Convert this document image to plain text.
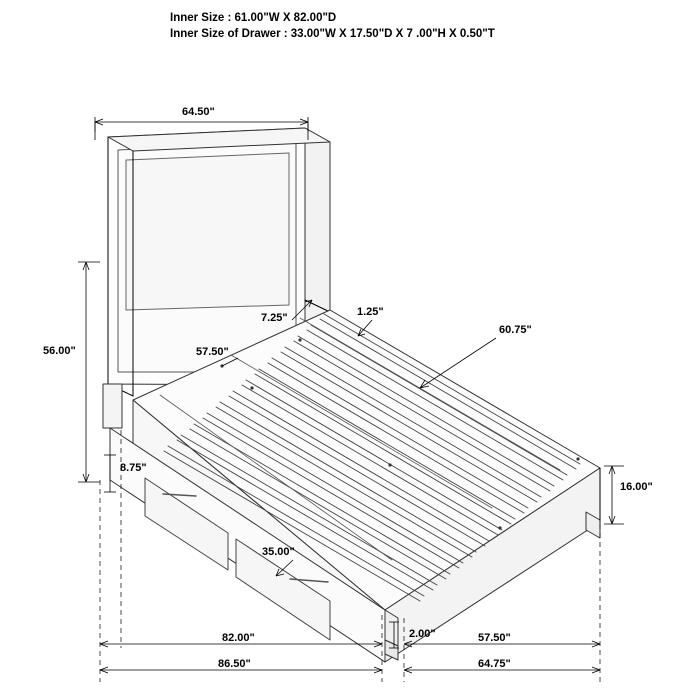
Inner Size : 61.00"W X 82.00"D
Inner Size of Drawer : 33.00"W X 17.50"D X 7 .00"H X 0.50"T
64.50"
56.00"
7.25"	1.25"
57.50"
60.75"
8.75"
16.00"
35.00"
82.00"
86.50"
2.00"	57.50"
64.75"
